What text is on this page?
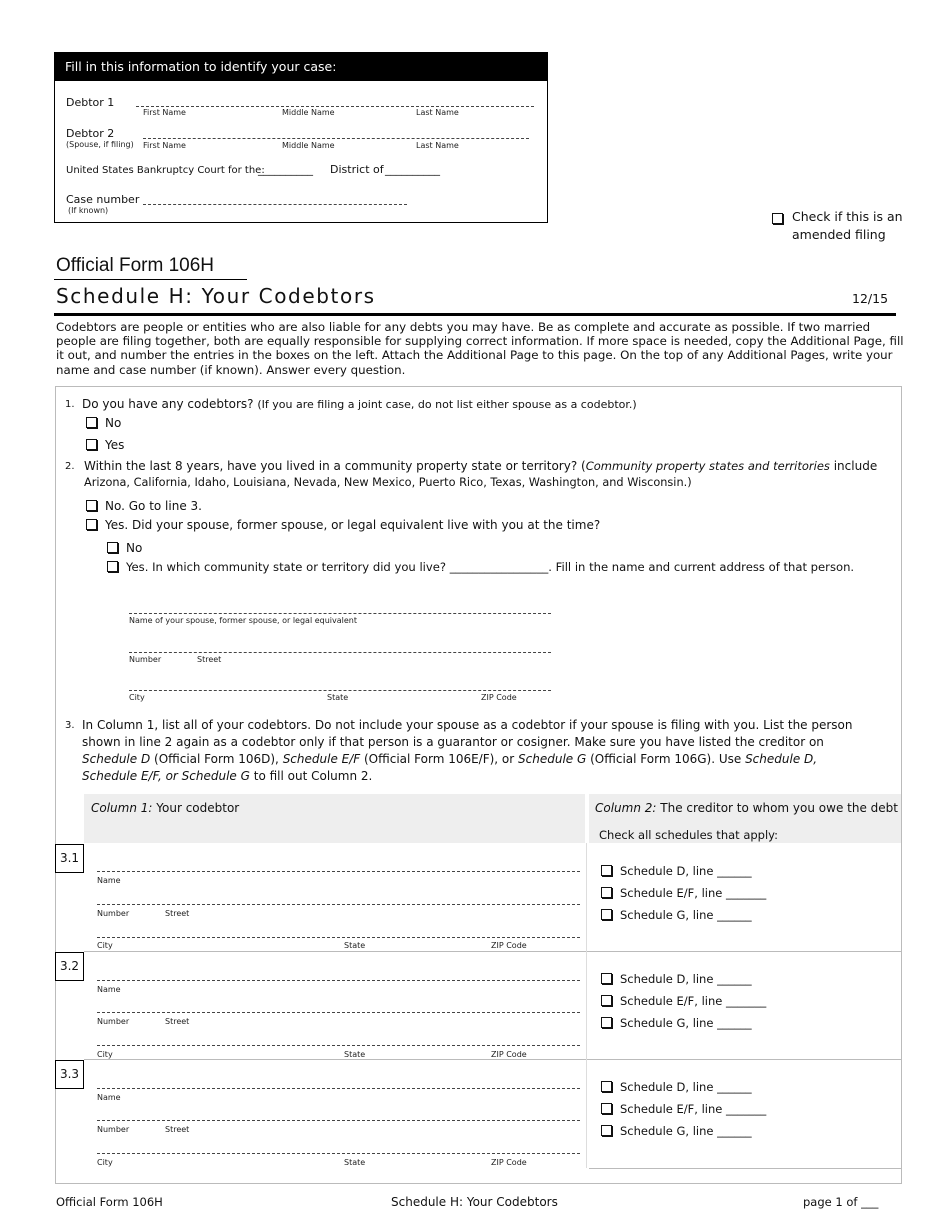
Fill in this information to identify your case:
Debtor 1
First Name	Middle Name	Last Name
Debtor 2
(Spouse, if filing) First Name	Middle Name	Last Name
United States Bankruptcy Court for the:
__________ District of __________
Case number
(If known)	Check if this is an
amended filing
Official Form 106H
Schedule H: Your Codebtors	12/15
Codebtors are people or entities who are also liable for any debts you may have. Be as complete and accurate as possible. If two married people are filing together, both are equally responsible for supplying correct information. If more space is needed, copy the Additional Page, fill it out, and number the entries in the boxes on the left. Attach the Additional Page to this page. On the top of any Additional Pages, write your name and case number (if known). Answer every question.
1. Do you have any codebtors? (If you are filing a joint case, do not list either spouse as a codebtor.)
No
Yes
2. Within the last 8 years, have you lived in a community property state or territory? (Community property states and territories include
Arizona, California, Idaho, Louisiana, Nevada, New Mexico, Puerto Rico, Texas, Washington, and Wisconsin.)
No. Go to line 3.
Yes. Did your spouse, former spouse, or legal equivalent live with you at the time?
No
Yes. In which community state or territory did you live? _________________. Fill in the name and current address of that person.
Name of your spouse, former spouse, or legal equivalent
Number	Street
City	State	ZIP Code
3. In Column 1, list all of your codebtors. Do not include your spouse as a codebtor if your spouse is filing with you. List the person
shown in line 2 again as a codebtor only if that person is a guarantor or cosigner. Make sure you have listed the creditor on
Schedule D (Official Form 106D), Schedule E/F (Official Form 106E/F), or Schedule G (Official Form 106G). Use Schedule D,
Schedule E/F, or Schedule G to fill out Column 2.
Column 1: Your codebtor	Column 2: The creditor to whom you owe the debt
Check all schedules that apply:
3.1
Name
Number	Street
City	State	ZIP Code
Schedule D, line ______
Schedule E/F, line _______
Schedule G, line ______
3.2
Name
Number	Street
City	State	ZIP Code
Schedule D, line ______
Schedule E/F, line _______
Schedule G, line ______
3.3
Name
Number	Street
City	State	ZIP Code
Schedule D, line ______
Schedule E/F, line _______
Schedule G, line ______
Official Form 106H	Schedule H: Your Codebtors	page 1 of ___
